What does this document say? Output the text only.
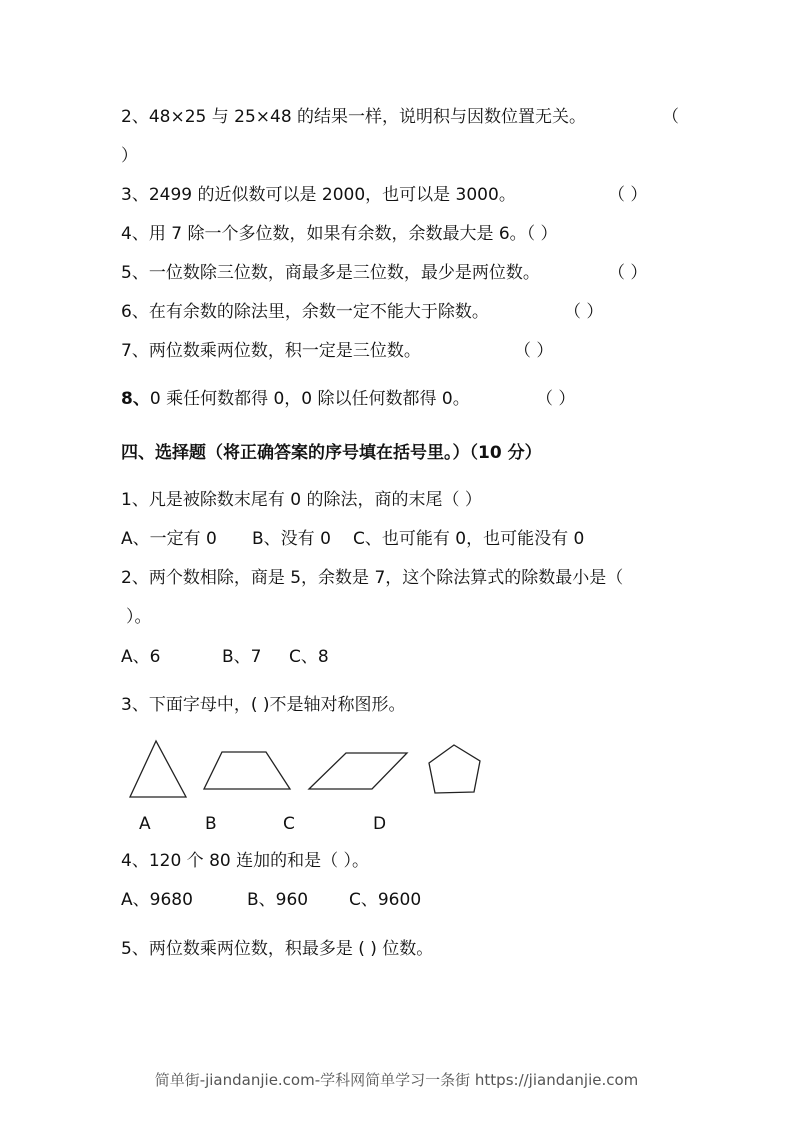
2、48×25 与 25×48 的结果一样，说明积与因数位置无关。	（
）
3、2499 的近似数可以是 2000，也可以是 3000。	（ ）
4、用 7 除一个多位数，如果有余数，余数最大是 6。（ ）
5、一位数除三位数，商最多是三位数，最少是两位数。	（ ）
6、在有余数的除法里，余数一定不能大于除数。	（ ）
7、两位数乘两位数，积一定是三位数。	（ ）
8、0 乘任何数都得 0，0 除以任何数都得 0。	（ ）
四、选择题（将正确答案的序号填在括号里。）（10 分）
1、凡是被除数末尾有 0 的除法，商的末尾（ ）
A、一定有 0 B、没有 0 C、也可能有 0，也可能没有 0
2、两个数相除，商是 5，余数是 7，这个除法算式的除数最小是（
）。
A、6	B、7 C、8
3、下面字母中，( )不是轴对称图形。
A	B	C	D
4、120 个 80 连加的和是（ ）。
A、9680	B、960 C、9600
5、两位数乘两位数，积最多是 ( ) 位数。
简单街-jiandanjie.com-学科网简单学习一条街 https://jiandanjie.com
